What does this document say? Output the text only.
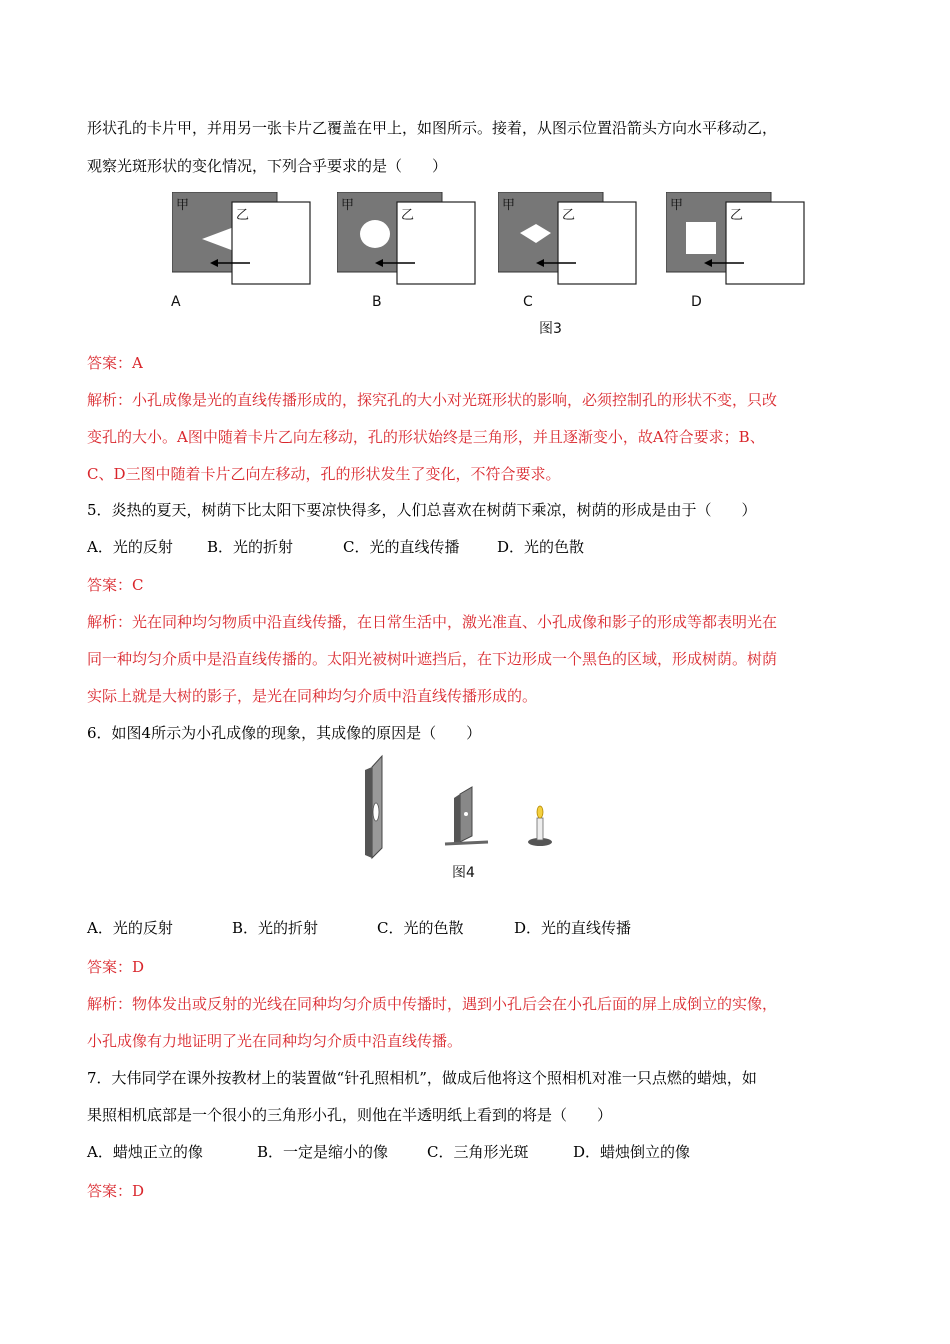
形状孔的卡片甲，并用另一张卡片乙覆盖在甲上，如图所示。接着，从图示位置沿箭头方向水平移动乙，
观察光斑形状的变化情况，下列合乎要求的是（　　）
甲
乙
甲
乙
甲
乙
甲
乙
A	B	C	D
图3
答案：A
解析：小孔成像是光的直线传播形成的，探究孔的大小对光斑形状的影响，必须控制孔的形状不变，只改
变孔的大小。A图中随着卡片乙向左移动，孔的形状始终是三角形，并且逐渐变小，故A符合要求；B、
C、D三图中随着卡片乙向左移动，孔的形状发生了变化，不符合要求。
5．炎热的夏天，树荫下比太阳下要凉快得多，人们总喜欢在树荫下乘凉，树荫的形成是由于（　　）
A．光的反射 B．光的折射	C．光的直线传播	D．光的色散
答案：C
解析：光在同种均匀物质中沿直线传播，在日常生活中，激光准直、小孔成像和影子的形成等都表明光在
同一种均匀介质中是沿直线传播的。太阳光被树叶遮挡后，在下边形成一个黑色的区域，形成树荫。树荫
实际上就是大树的影子，是光在同种均匀介质中沿直线传播形成的。
6．如图4所示为小孔成像的现象，其成像的原因是（　　）
图4
A．光的反射	B．光的折射	C．光的色散	D．光的直线传播
答案：D
解析：物体发出或反射的光线在同种均匀介质中传播时，遇到小孔后会在小孔后面的屏上成倒立的实像，
小孔成像有力地证明了光在同种均匀介质中沿直线传播。
7．大伟同学在课外按教材上的装置做“针孔照相机”，做成后他将这个照相机对准一只点燃的蜡烛，如
果照相机底部是一个很小的三角形小孔，则他在半透明纸上看到的将是（　　）
A．蜡烛正立的像	B．一定是缩小的像	C．三角形光斑	D．蜡烛倒立的像
答案：D
